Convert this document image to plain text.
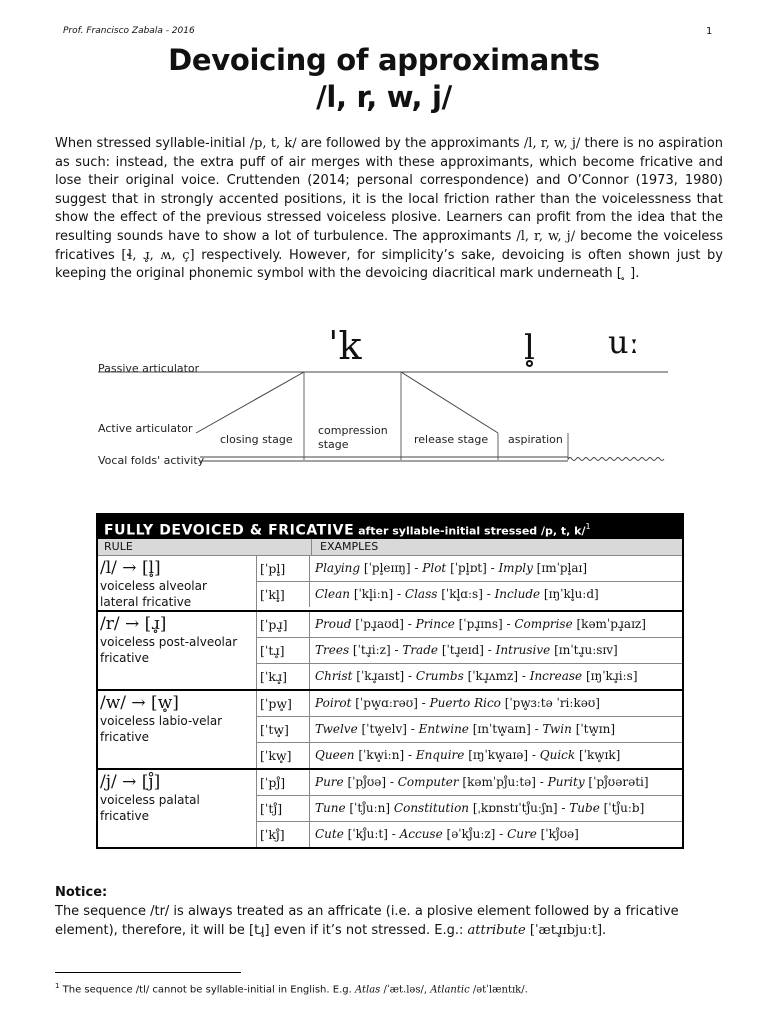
Prof. Francisco Zabala - 2016	1
Devoicing of approximants
/l, r, w, j/

When stressed syllable-initial /p, t, k/ are followed by the approximants /l, r, w, j/ there is no aspiration as such: instead, the extra puff of air merges with these approximants, which become fricative and lose their original voice. Cruttenden (2014; personal correspondence) and O’Connor (1973, 1980) suggest that in strongly accented positions, it is the local friction rather than the voicelessness that show the effect of the previous stressed voiceless plosive. Learners can profit from the idea that the resulting sounds have to show a lot of turbulence. The approximants /l, r, w, j/ become the voiceless fricatives [ɬ, ɹ̥, ʍ, ç] respectively. However, for simplicity’s sake, devoicing is often shown just by keeping the original phonemic symbol with the devoicing diacritical mark underneath [ ̥ ].

ˈk	l̥ uː
Passive articulator
Active articulator
closing stage
compression
stage	release stage aspiration
Vocal folds' activity
FULLY DEVOICED & FRICATIVE after syllable-initial stressed /p, t, k/$^1$
RULE	EXAMPLES
/l/ → [l̥]
voiceless alveolar
lateral fricative
[ˈpl̥]	Playing [ˈpl̥eɪɪŋ] - Plot [ˈpl̥ɒt] - Imply [ɪmˈpl̥aɪ]
[ˈkl̥]	Clean [ˈkl̥iːn] - Class [ˈkl̥ɑːs] - Include [ɪŋˈkl̥uːd]
/r/ → [ɹ̥]
voiceless post-alveolar
fricative
[ˈpɹ̥]	Proud [ˈpɹ̥aʊd] - Prince [ˈpɹ̥ɪns] - Comprise [kəmˈpɹ̥aɪz]
[ˈtɹ̥]	Trees [ˈtɹ̥iːz] - Trade [ˈtɹ̥eɪd] - Intrusive [ɪnˈtɹ̥uːsɪv]
[ˈkɹ̥]	Christ [ˈkɹ̥aɪst] - Crumbs [ˈkɹ̥ʌmz] - Increase [ɪŋˈkɹ̥iːs]
/w/ → [w̥]
voiceless labio-velar
fricative
[ˈpw̥]	Poirot [ˈpw̥ɑːrəʊ] - Puerto Rico [ˈpw̥ɜːtə ˈriːkəʊ]
[ˈtw̥]	Twelve [ˈtw̥elv] - Entwine [ɪnˈtw̥aɪn] - Twin [ˈtw̥ɪn]
[ˈkw̥]	Queen [ˈkw̥iːn] - Enquire [ɪŋˈkw̥aɪə] - Quick [ˈkw̥ɪk]
/j/ → [j̊]
voiceless palatal
fricative
[ˈpj̊]	Pure [ˈpj̊ʊə] - Computer [kəmˈpj̊uːtə] - Purity [ˈpj̊ʊərəti]
[ˈtj̊]	Tune [ˈtj̊uːn] Constitution [ˌkɒnstɪˈtj̊uːʃn] - Tube [ˈtj̊uːb]
[ˈkj̊]	Cute [ˈkj̊uːt] - Accuse [əˈkj̊uːz] - Cure [ˈkj̊ʊə]

Notice:

The sequence /tr/ is always treated as an affricate (i.e. a plosive element followed by a fricative element), therefore, it will be [tɹ̥] even if it’s not stressed. E.g.: attribute [ˈætɹ̥ɪbjuːt].

$^1$ The sequence /tl/ cannot be syllable-initial in English. E.g. Atlas /ˈæt.ləs/, Atlantic /ətˈlæntɪk/.
